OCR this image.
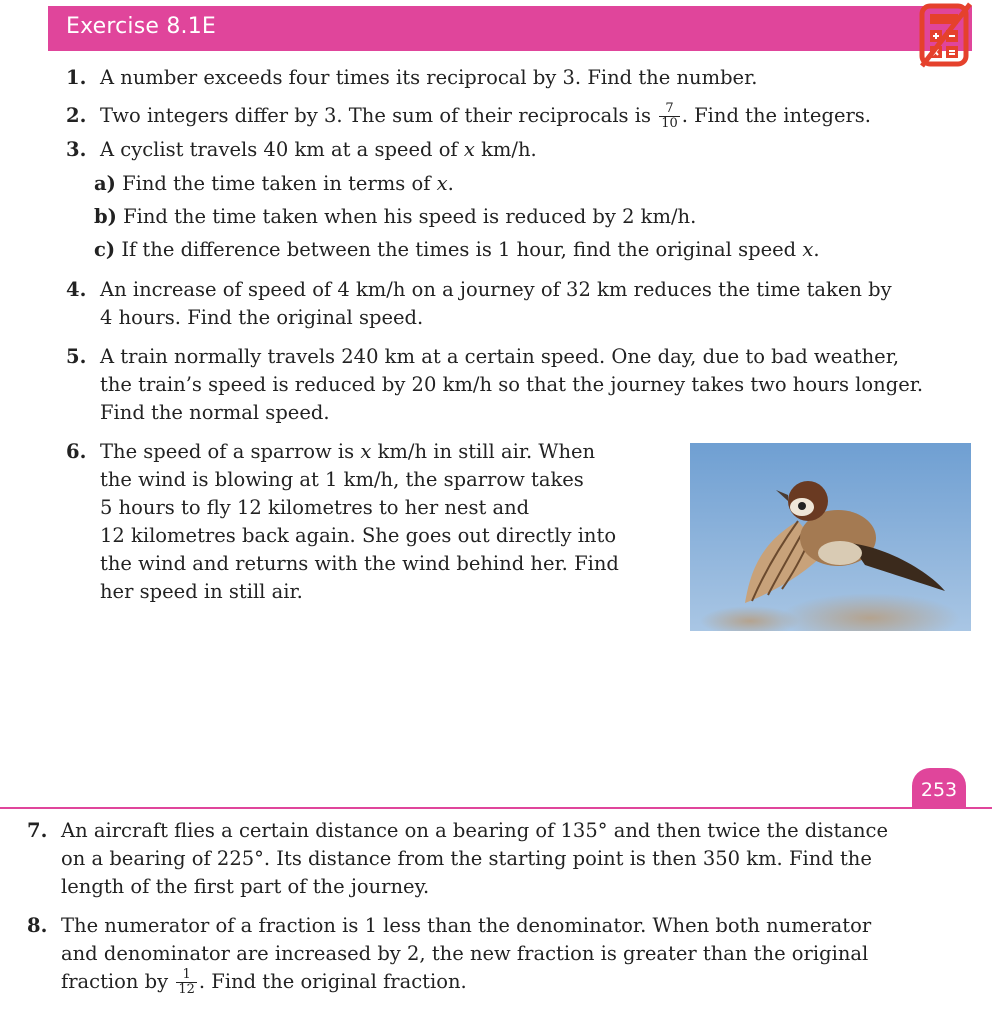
Exercise 8.1E
1. A number exceeds four times its reciprocal by 3. Find the number.
2. Two integers differ by 3. The sum of their reciprocals is $\frac{7}{10}$ . Find the integers.
3. A cyclist travels 40 km at a speed of x km/h.
a) Find the time taken in terms of x.
b) Find the time taken when his speed is reduced by 2 km/h.
c) If the difference between the times is 1 hour, find the original speed x.
4. An increase of speed of 4 km/h on a journey of 32 km reduces the time taken by
4 hours. Find the original speed.
5. A train normally travels 240 km at a certain speed. One day, due to bad weather,
the train’s speed is reduced by 20 km/h so that the journey takes two hours longer.
Find the normal speed.
6. The speed of a sparrow is x km/h in still air. When
the wind is blowing at 1 km/h, the sparrow takes
5 hours to fly 12 kilometres to her nest and
12 kilometres back again. She goes out directly into
the wind and returns with the wind behind her. Find
her speed in still air.
253
7. An aircraft flies a certain distance on a bearing of 135° and then twice the distance
on a bearing of 225°. Its distance from the starting point is then 350 km. Find the
length of the first part of the journey.
8. The numerator of a fraction is 1 less than the denominator. When both numerator
and denominator are increased by 2, the new fraction is greater than the original
fraction by $\frac{1}{12}$ . Find the original fraction.
